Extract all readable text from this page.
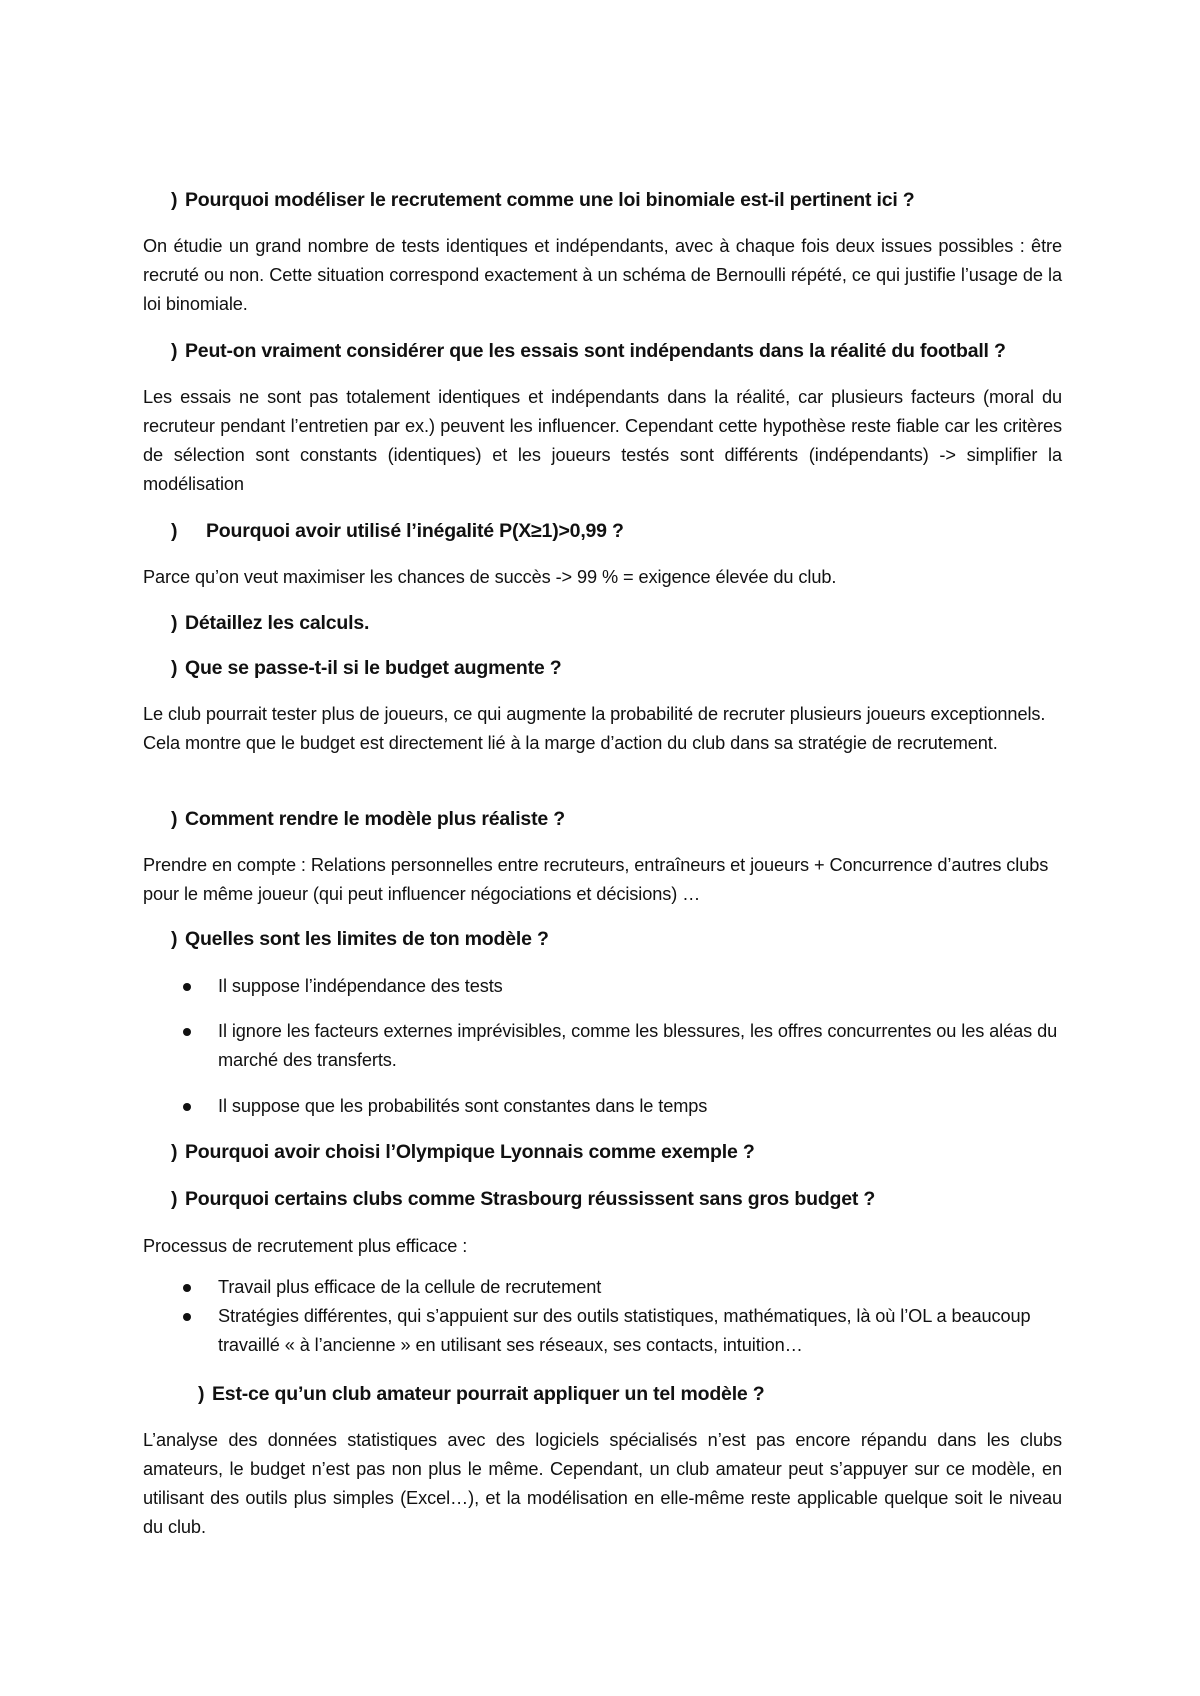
) Pourquoi modéliser le recrutement comme une loi binomiale est-il pertinent ici ?
On étudie un grand nombre de tests identiques et indépendants, avec à chaque fois deux issues possibles : être recruté ou non. Cette situation correspond exactement à un schéma de Bernoulli répété, ce qui justifie l’usage de la loi binomiale.
) Peut-on vraiment considérer que les essais sont indépendants dans la réalité du football ?
Les essais ne sont pas totalement identiques et indépendants dans la réalité, car plusieurs facteurs (moral du recruteur pendant l’entretien par ex.) peuvent les influencer. Cependant cette hypothèse reste fiable car les critères de sélection sont constants (identiques) et les joueurs testés sont différents (indépendants) -> simplifier la modélisation
) Pourquoi avoir utilisé l’inégalité P(X≥1)>0,99 ?
Parce qu’on veut maximiser les chances de succès -> 99 % = exigence élevée du club.
) Détaillez les calculs.
) Que se passe-t-il si le budget augmente ?
Le club pourrait tester plus de joueurs, ce qui augmente la probabilité de recruter plusieurs joueurs exceptionnels. Cela montre que le budget est directement lié à la marge d’action du club dans sa stratégie de recrutement.
) Comment rendre le modèle plus réaliste ?
Prendre en compte : Relations personnelles entre recruteurs, entraîneurs et joueurs + Concurrence d’autres clubs pour le même joueur (qui peut influencer négociations et décisions) …
) Quelles sont les limites de ton modèle ?
Il suppose l’indépendance des tests
Il ignore les facteurs externes imprévisibles, comme les blessures, les offres concurrentes ou les aléas du marché des transferts.
Il suppose que les probabilités sont constantes dans le temps
) Pourquoi avoir choisi l’Olympique Lyonnais comme exemple ?
) Pourquoi certains clubs comme Strasbourg réussissent sans gros budget ?
Processus de recrutement plus efficace :
Travail plus efficace de la cellule de recrutement
Stratégies différentes, qui s’appuient sur des outils statistiques, mathématiques, là où l’OL a beaucoup travaillé « à l’ancienne » en utilisant ses réseaux, ses contacts, intuition…
) Est-ce qu’un club amateur pourrait appliquer un tel modèle ?
L’analyse des données statistiques avec des logiciels spécialisés n’est pas encore répandu dans les clubs amateurs, le budget n’est pas non plus le même. Cependant, un club amateur peut s’appuyer sur ce modèle, en utilisant des outils plus simples (Excel…), et la modélisation en elle-même reste applicable quelque soit le niveau du club.
